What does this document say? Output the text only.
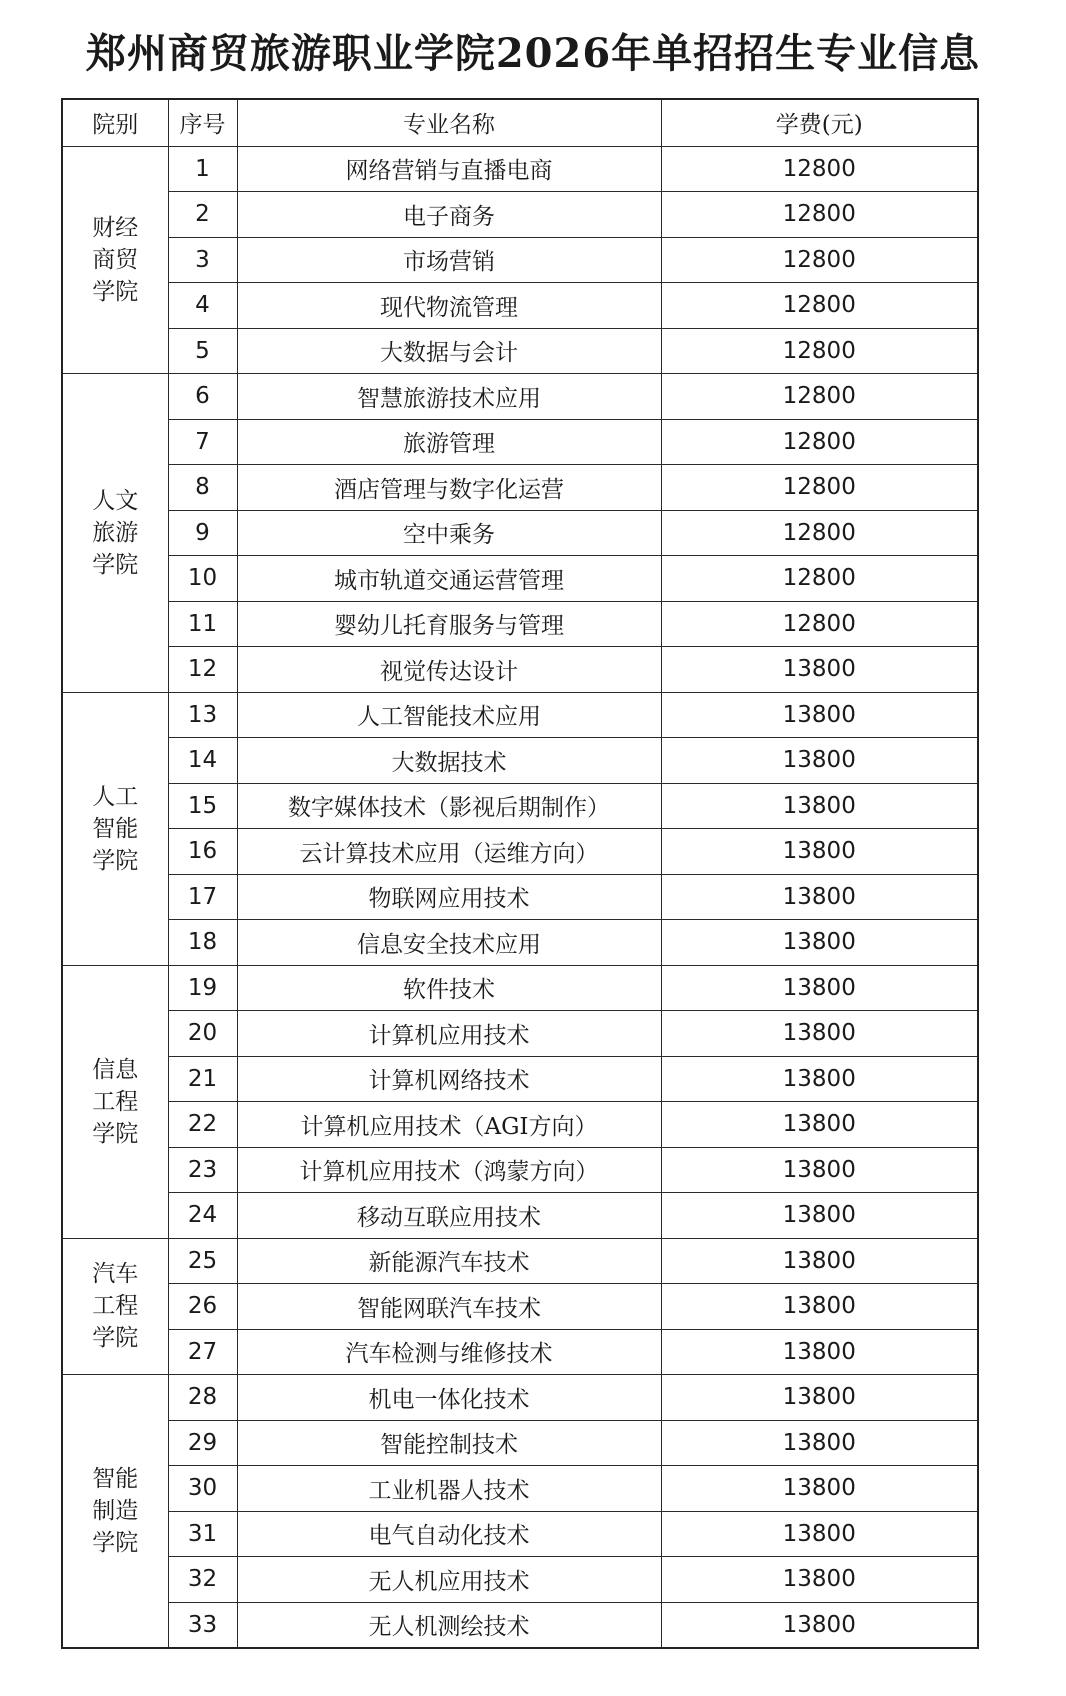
郑州商贸旅游职业学院2026年单招招生专业信息
院别	序号	专业名称	学费(元)
财经商贸学院	1	网络营销与直播电商	12800
	2	电子商务	12800
	3	市场营销	12800
	4	现代物流管理	12800
	5	大数据与会计	12800
人文旅游学院	6	智慧旅游技术应用	12800
	7	旅游管理	12800
	8	酒店管理与数字化运营	12800
	9	空中乘务	12800
	10	城市轨道交通运营管理	12800
	11	婴幼儿托育服务与管理	12800
	12	视觉传达设计	13800
人工智能学院	13	人工智能技术应用	13800
	14	大数据技术	13800
	15	数字媒体技术（影视后期制作）	13800
	16	云计算技术应用（运维方向）	13800
	17	物联网应用技术	13800
	18	信息安全技术应用	13800
信息工程学院	19	软件技术	13800
	20	计算机应用技术	13800
	21	计算机网络技术	13800
	22	计算机应用技术（AGI方向）	13800
	23	计算机应用技术（鸿蒙方向）	13800
	24	移动互联应用技术	13800
汽车工程学院	25	新能源汽车技术	13800
	26	智能网联汽车技术	13800
	27	汽车检测与维修技术	13800
智能制造学院	28	机电一体化技术	13800
	29	智能控制技术	13800
	30	工业机器人技术	13800
	31	电气自动化技术	13800
	32	无人机应用技术	13800
	33	无人机测绘技术	13800
